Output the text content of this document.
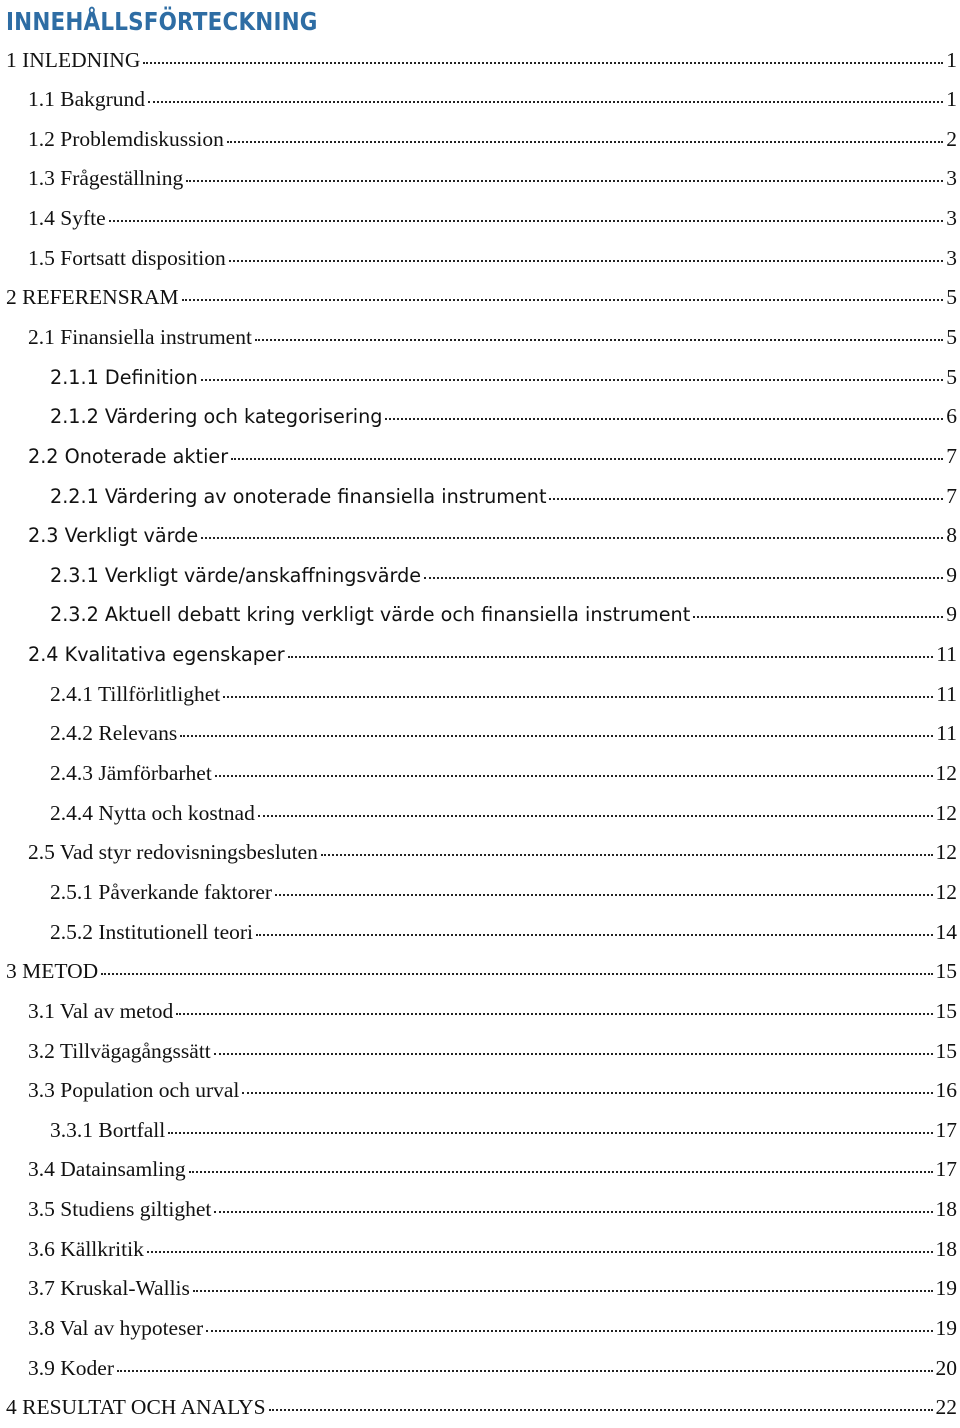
INNEHÅLLSFÖRTECKNING
1 INLEDNING	1
1.1 Bakgrund	1
1.2 Problemdiskussion	2
1.3 Frågeställning	3
1.4 Syfte	3
1.5 Fortsatt disposition	3
2 REFERENSRAM	5
2.1 Finansiella instrument	5
2.1.1 Definition	5
2.1.2 Värdering och kategorisering	6
2.2 Onoterade aktier	7
2.2.1 Värdering av onoterade finansiella instrument	7
2.3 Verkligt värde	8
2.3.1 Verkligt värde/anskaffningsvärde	9
2.3.2 Aktuell debatt kring verkligt värde och finansiella instrument	9
2.4 Kvalitativa egenskaper	11
2.4.1 Tillförlitlighet	11
2.4.2 Relevans	11
2.4.3 Jämförbarhet	12
2.4.4 Nytta och kostnad	12
2.5 Vad styr redovisningsbesluten	12
2.5.1 Påverkande faktorer	12
2.5.2 Institutionell teori	14
3 METOD	15
3.1 Val av metod	15
3.2 Tillvägagångssätt	15
3.3 Population och urval	16
3.3.1 Bortfall	17
3.4 Datainsamling	17
3.5 Studiens giltighet	18
3.6 Källkritik	18
3.7 Kruskal-Wallis	19
3.8 Val av hypoteser	19
3.9 Koder	20
4 RESULTAT OCH ANALYS	22
